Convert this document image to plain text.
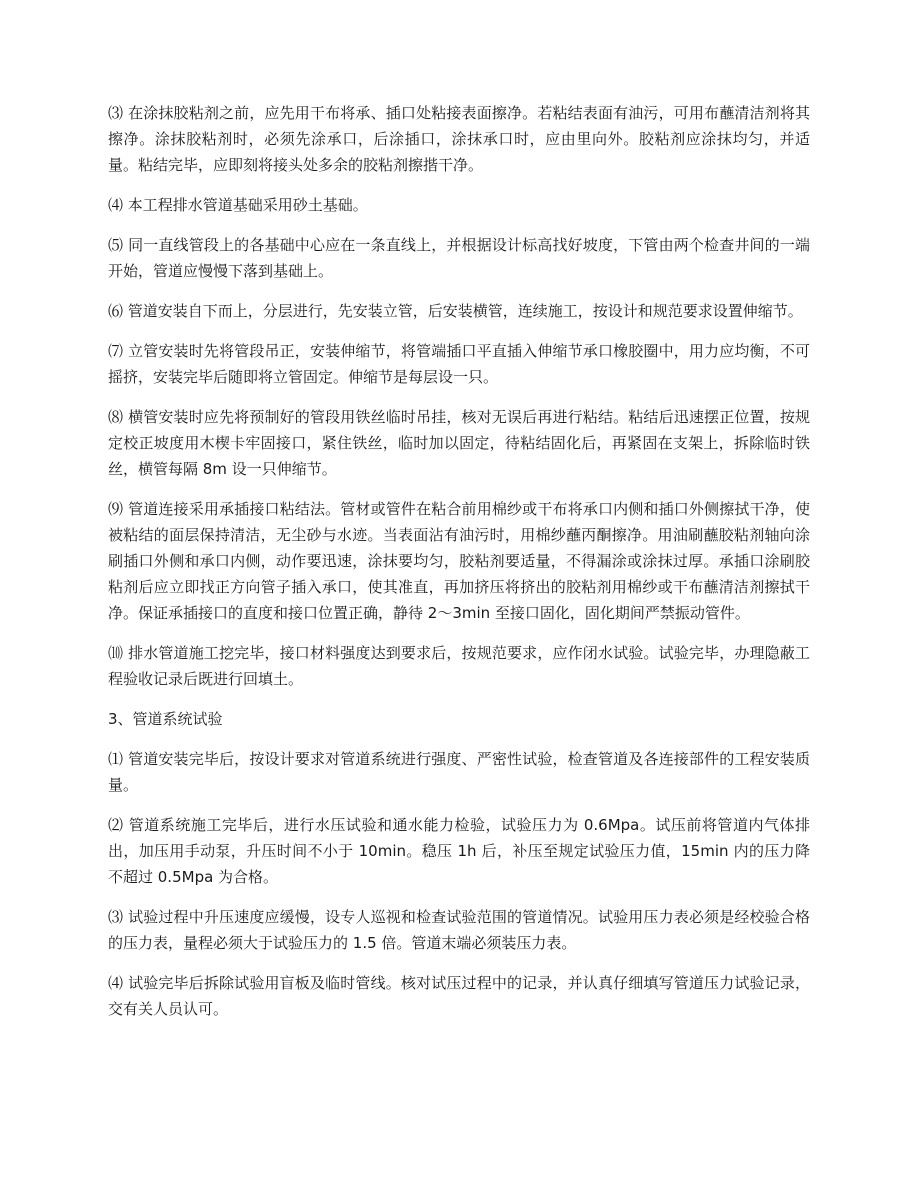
⑶ 在涂抹胶粘剂之前，应先用干布将承、插口处粘接表面擦净。若粘结表面有油污，可用布蘸清洁剂将其擦净。涂抹胶粘剂时，必须先涂承口，后涂插口，涂抹承口时，应由里向外。胶粘剂应涂抹均匀，并适量。粘结完毕，应即刻将接头处多余的胶粘剂擦揩干净。

⑷ 本工程排水管道基础采用砂土基础。

⑸ 同一直线管段上的各基础中心应在一条直线上，并根据设计标高找好坡度，下管由两个检查井间的一端开始，管道应慢慢下落到基础上。

⑹ 管道安装自下而上，分层进行，先安装立管，后安装横管，连续施工，按设计和规范要求设置伸缩节。

⑺ 立管安装时先将管段吊正，安装伸缩节，将管端插口平直插入伸缩节承口橡胶圈中，用力应均衡，不可摇挤，安装完毕后随即将立管固定。伸缩节是每层设一只。

⑻ 横管安装时应先将预制好的管段用铁丝临时吊挂，核对无误后再进行粘结。粘结后迅速摆正位置，按规定校正坡度用木楔卡牢固接口，紧住铁丝，临时加以固定，待粘结固化后，再紧固在支架上，拆除临时铁丝，横管每隔 8m 设一只伸缩节。

⑼ 管道连接采用承插接口粘结法。管材或管件在粘合前用棉纱或干布将承口内侧和插口外侧擦拭干净，使被粘结的面层保持清洁，无尘砂与水迹。当表面沾有油污时，用棉纱蘸丙酮擦净。用油刷蘸胶粘剂轴向涂刷插口外侧和承口内侧，动作要迅速，涂抹要均匀，胶粘剂要适量，不得漏涂或涂抹过厚。承插口涂刷胶粘剂后应立即找正方向管子插入承口，使其准直，再加挤压将挤出的胶粘剂用棉纱或干布蘸清洁剂擦拭干净。保证承插接口的直度和接口位置正确，静待 2～3min 至接口固化，固化期间严禁振动管件。

⑽ 排水管道施工挖完毕，接口材料强度达到要求后，按规范要求，应作闭水试验。试验完毕，办理隐蔽工程验收记录后既进行回填土。

3、管道系统试验

⑴ 管道安装完毕后，按设计要求对管道系统进行强度、严密性试验，检查管道及各连接部件的工程安装质量。

⑵ 管道系统施工完毕后，进行水压试验和通水能力检验，试验压力为 0.6Mpa。试压前将管道内气体排出，加压用手动泵，升压时间不小于 10min。稳压 1h 后，补压至规定试验压力值，15min 内的压力降不超过 0.5Mpa 为合格。

⑶ 试验过程中升压速度应缓慢，设专人巡视和检查试验范围的管道情况。试验用压力表必须是经校验合格的压力表，量程必须大于试验压力的 1.5 倍。管道末端必须装压力表。

⑷ 试验完毕后拆除试验用盲板及临时管线。核对试压过程中的记录，并认真仔细填写管道压力试验记录，交有关人员认可。
